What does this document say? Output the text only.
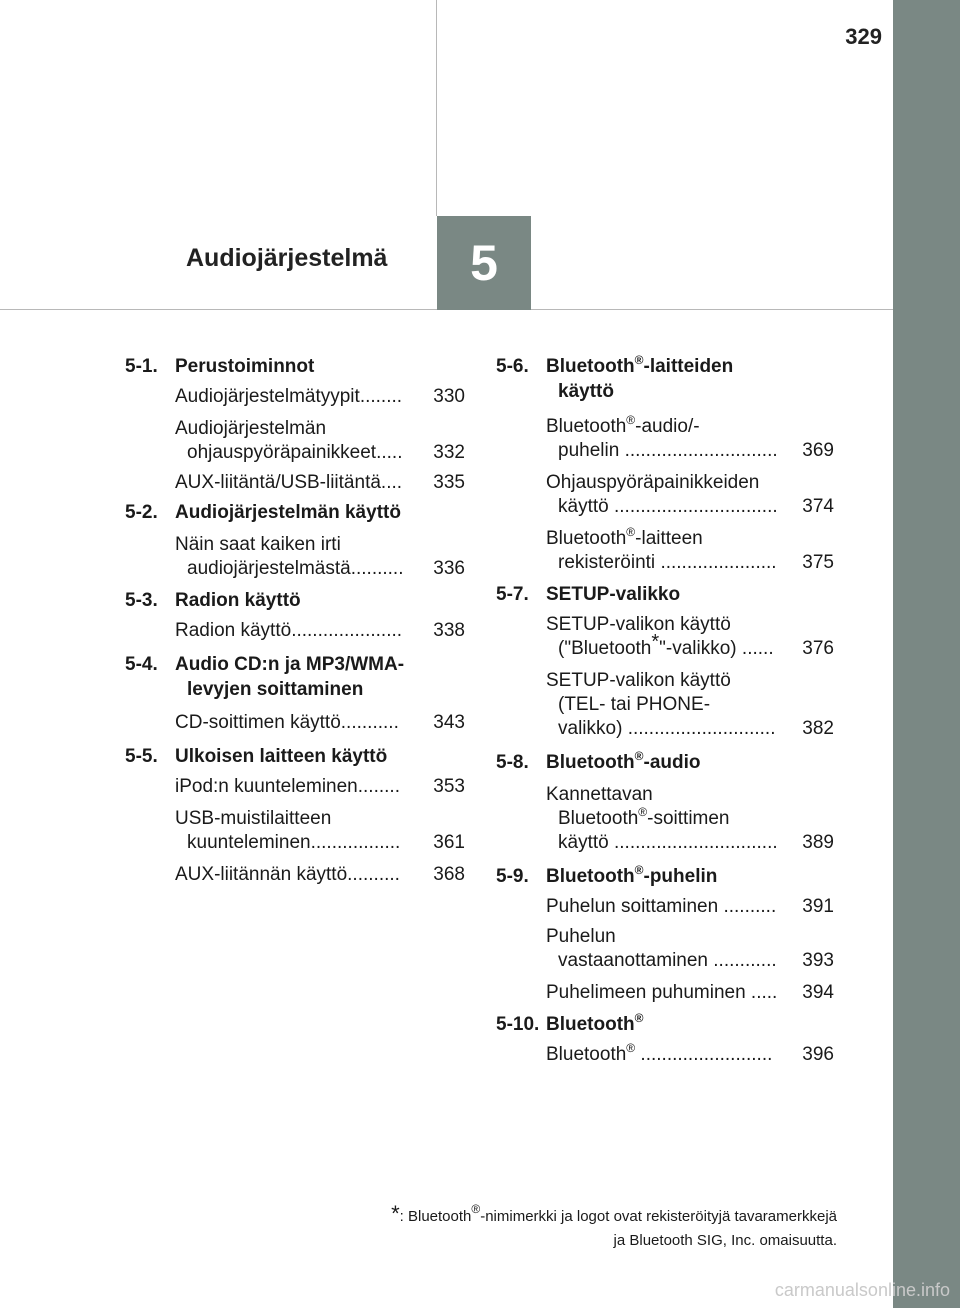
329
Audiojärjestelmä 5
5-1. Perustoiminnot
Audiojärjestelmätyypit........ 330
Audiojärjestelmän
ohjauspyöräpainikkeet..... 332
AUX-liitäntä/USB-liitäntä.... 335
5-2. Audiojärjestelmän käyttö
Näin saat kaiken irti
audiojärjestelmästä.......... 336
5-3. Radion käyttö
Radion käyttö..................... 338
5-4. Audio CD:n ja MP3/WMA-
levyjen soittaminen
CD-soittimen käyttö........... 343
5-5. Ulkoisen laitteen käyttö
iPod:n kuunteleminen........ 353
USB-muistilaitteen
kuunteleminen................. 361
AUX-liitännän käyttö.......... 368
5-6. Bluetooth®-laitteiden
käyttö
Bluetooth®-audio/-
puhelin ............................. 369
Ohjauspyöräpainikkeiden
käyttö ............................... 374
Bluetooth®-laitteen
rekisteröinti ...................... 375
5-7. SETUP-valikko
SETUP-valikon käyttö
("Bluetooth*"-valikko) ...... 376
SETUP-valikon käyttö
(TEL- tai PHONE-
valikko) ............................ 382
5-8. Bluetooth®-audio
Kannettavan
Bluetooth®-soittimen
käyttö ............................... 389
5-9. Bluetooth®-puhelin
Puhelun soittaminen .......... 391
Puhelun
vastaanottaminen ............ 393
Puhelimeen puhuminen ..... 394
5-10. Bluetooth®
Bluetooth® ......................... 396
*: Bluetooth®-nimimerkki ja logot ovat rekisteröityjä tavaramerkkejä
ja Bluetooth SIG, Inc. omaisuutta.
carmanualsonline.info
